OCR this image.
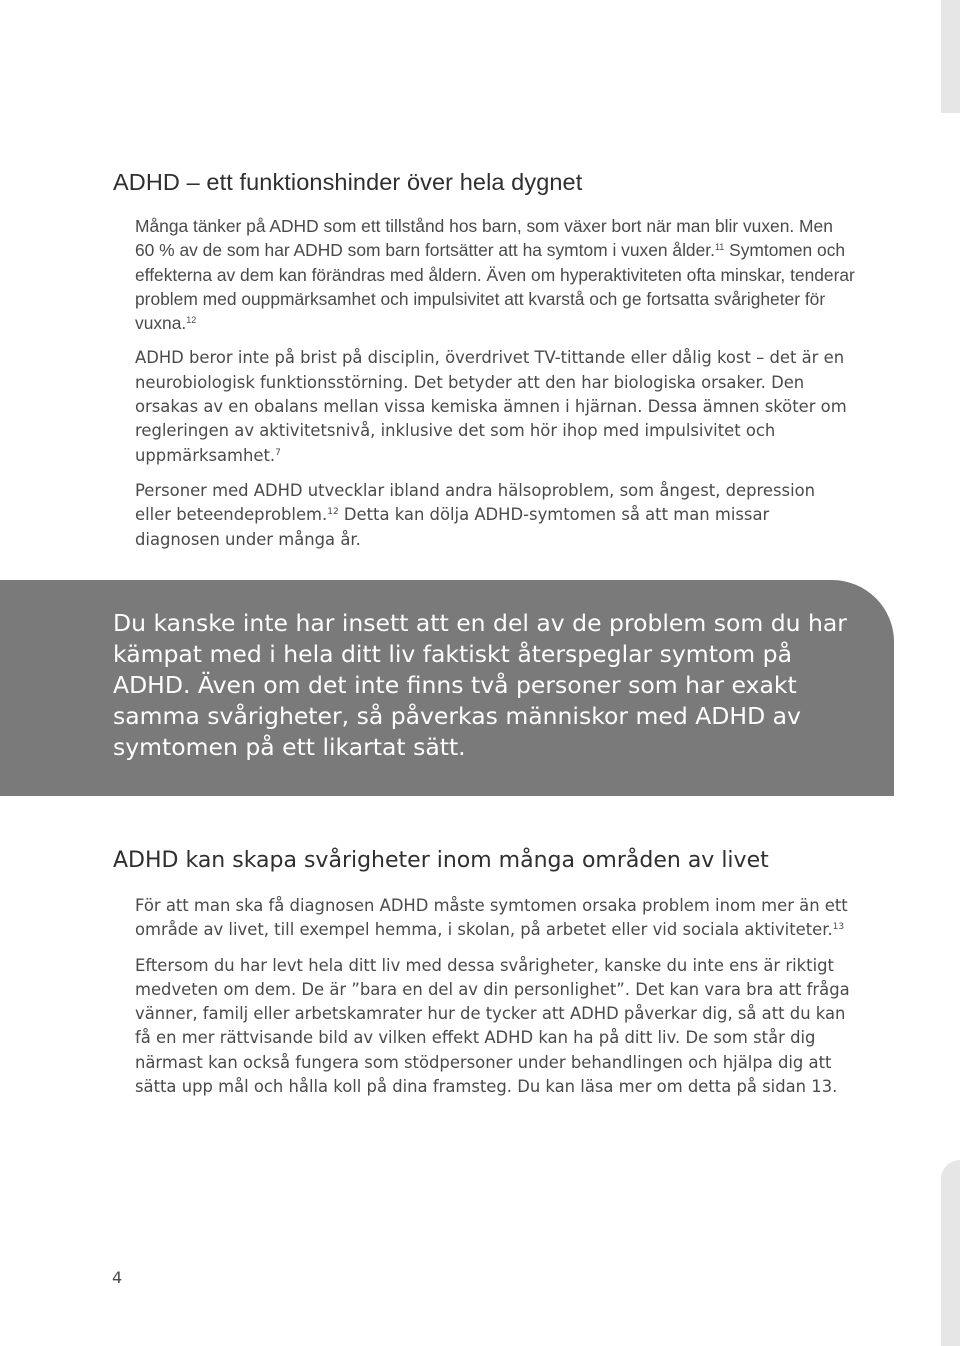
ADHD – ett funktionshinder över hela dygnet

Många tänker på ADHD som ett tillstånd hos barn, som växer bort när man blir vuxen. Men 60 % av de som har ADHD som barn fortsätter att ha symtom i vuxen ålder.$^{11}$ Symtomen och effekterna av dem kan förändras med åldern. Även om hyperaktiviteten ofta minskar, tenderar problem med ouppmärksamhet och impulsivitet att kvarstå och ge fortsatta svårigheter för vuxna.$^{12}$

ADHD beror inte på brist på disciplin, överdrivet TV-tittande eller dålig kost – det är en neurobiologisk funktionsstörning. Det betyder att den har biologiska orsaker. Den orsakas av en obalans mellan vissa kemiska ämnen i hjärnan. Dessa ämnen sköter om regleringen av aktivitetsnivå, inklusive det som hör ihop med impulsivitet och uppmärksamhet.$^7$

Personer med ADHD utvecklar ibland andra hälsoproblem, som ångest, depression eller beteendeproblem.$^{12}$ Detta kan dölja ADHD-symtomen så att man missar diagnosen under många år.

Du kanske inte har insett att en del av de problem som du har kämpat med i hela ditt liv faktiskt återspeglar symtom på ADHD. Även om det inte finns två personer som har exakt samma svårigheter, så påverkas människor med ADHD av symtomen på ett likartat sätt.

ADHD kan skapa svårigheter inom många områden av livet

För att man ska få diagnosen ADHD måste symtomen orsaka problem inom mer än ett område av livet, till exempel hemma, i skolan, på arbetet eller vid sociala aktiviteter.$^{13}$

Eftersom du har levt hela ditt liv med dessa svårigheter, kanske du inte ens är riktigt medveten om dem. De är ”bara en del av din personlighet”. Det kan vara bra att fråga vänner, familj eller arbetskamrater hur de tycker att ADHD påverkar dig, så att du kan få en mer rättvisande bild av vilken effekt ADHD kan ha på ditt liv. De som står dig närmast kan också fungera som stödpersoner under behandlingen och hjälpa dig att sätta upp mål och hålla koll på dina framsteg. Du kan läsa mer om detta på sidan 13.

4
